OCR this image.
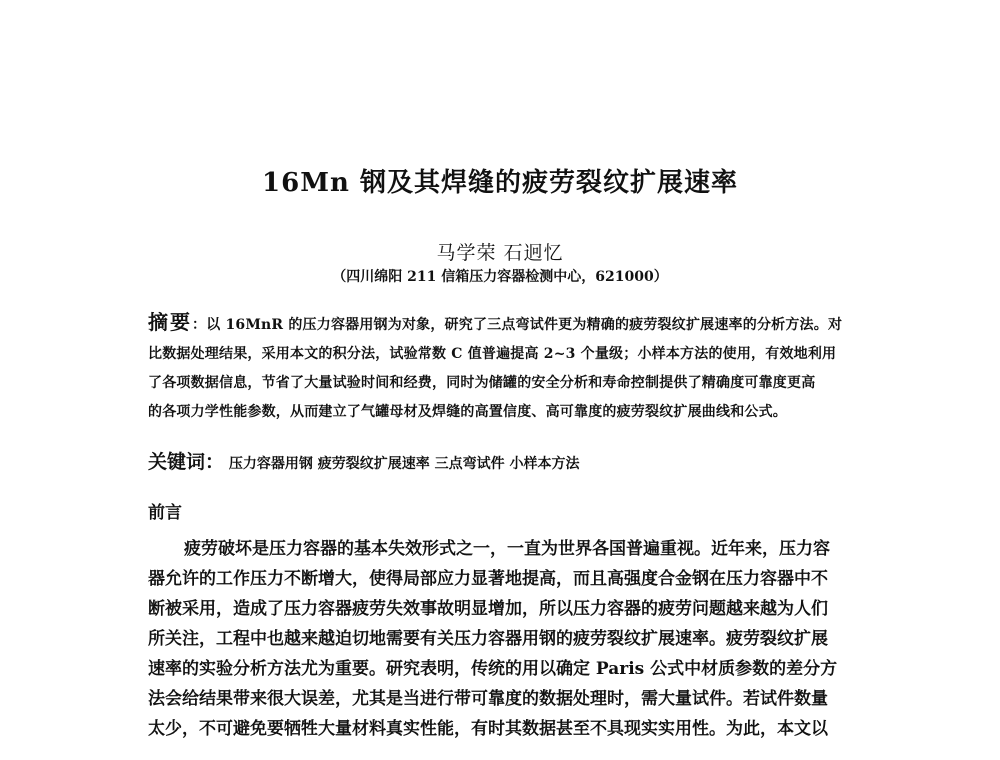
16Mn 钢及其焊缝的疲劳裂纹扩展速率
马学荣 石迥忆
（四川绵阳 211 信箱压力容器检测中心，621000）
摘要：以 16MnR 的压力容器用钢为对象，研究了三点弯试件更为精确的疲劳裂纹扩展速率的分析方法。对
比数据处理结果，采用本文的积分法，试验常数 C 值普遍提高 2~3 个量级；小样本方法的使用，有效地利用
了各项数据信息，节省了大量试验时间和经费，同时为储罐的安全分析和寿命控制提供了精确度可靠度更高
的各项力学性能参数，从而建立了气罐母材及焊缝的高置信度、高可靠度的疲劳裂纹扩展曲线和公式。
关键词： 压力容器用钢 疲劳裂纹扩展速率 三点弯试件 小样本方法
前言
疲劳破坏是压力容器的基本失效形式之一，一直为世界各国普遍重视。近年来，压力容
器允许的工作压力不断增大，使得局部应力显著地提高，而且高强度合金钢在压力容器中不
断被采用，造成了压力容器疲劳失效事故明显增加，所以压力容器的疲劳问题越来越为人们
所关注，工程中也越来越迫切地需要有关压力容器用钢的疲劳裂纹扩展速率。疲劳裂纹扩展
速率的实验分析方法尤为重要。研究表明，传统的用以确定 Paris 公式中材质参数的差分方
法会给结果带来很大误差，尤其是当进行带可靠度的数据处理时，需大量试件。若试件数量
太少，不可避免要牺牲大量材料真实性能，有时其数据甚至不具现实实用性。为此，本文以
